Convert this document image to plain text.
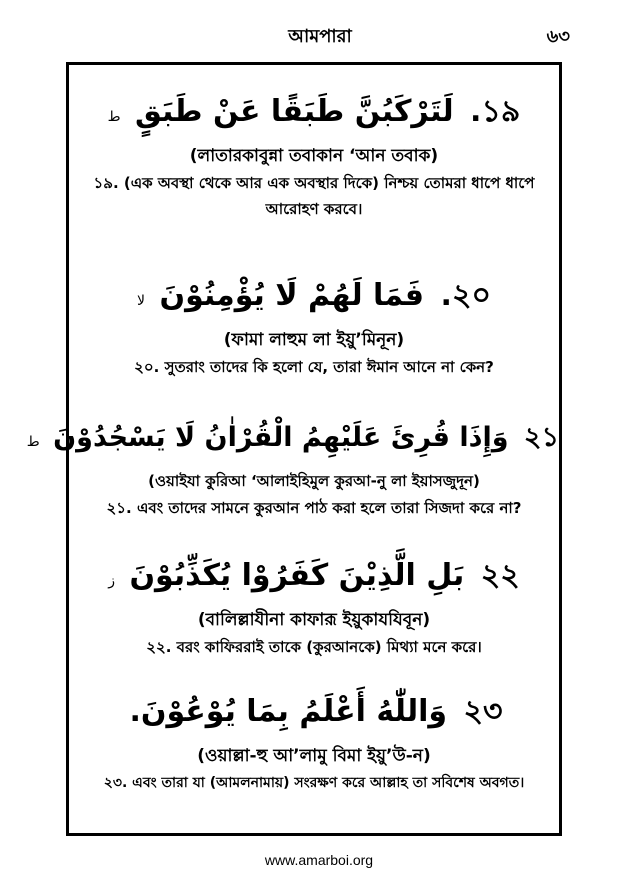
আমপারা	৬৩
১৯. لَتَرْكَبُنَّ طَبَقًا عَنْ طَبَقٍ ط
(লাতারকাবুন্না তবাকান ‘আন তবাক)
১৯. (এক অবস্থা থেকে আর এক অবস্থার দিকে) নিশ্চয় তোমরা ধাপে ধাপে আরোহণ করবে।
২০. فَمَا لَهُمْ لَا يُؤْمِنُوْنَ لا
(ফামা লাহুম লা ইয়ু’মিনূন)
২০. সুতরাং তাদের কি হলো যে, তারা ঈমান আনে না কেন?
২১ وَإِذَا قُرِئَ عَلَيْهِمُ الْقُرْاٰنُ لَا يَسْجُدُوْنَ ط
(ওয়াইযা কুরিআ ‘আলাইহিমুল কুরআ-নু লা ইয়াসজুদূন)
২১. এবং তাদের সামনে কুরআন পাঠ করা হলে তারা সিজদা করে না?
২২ بَلِ الَّذِيْنَ كَفَرُوْا يُكَذِّبُوْنَ ز
(বালিল্লাযীনা কাফারূ ইয়ুকাযযিবূন)
২২. বরং কাফিররাই তাকে (কুরআনকে) মিথ্যা মনে করে।
২৩ وَاللّٰهُ أَعْلَمُ بِمَا يُوْعُوْنَ.
(ওয়াল্লা-হু আ’লামু বিমা ইয়ু’উ-ন)
২৩. এবং তারা যা (আমলনামায়) সংরক্ষণ করে আল্লাহ তা সবিশেষ অবগত।
www.amarboi.org
